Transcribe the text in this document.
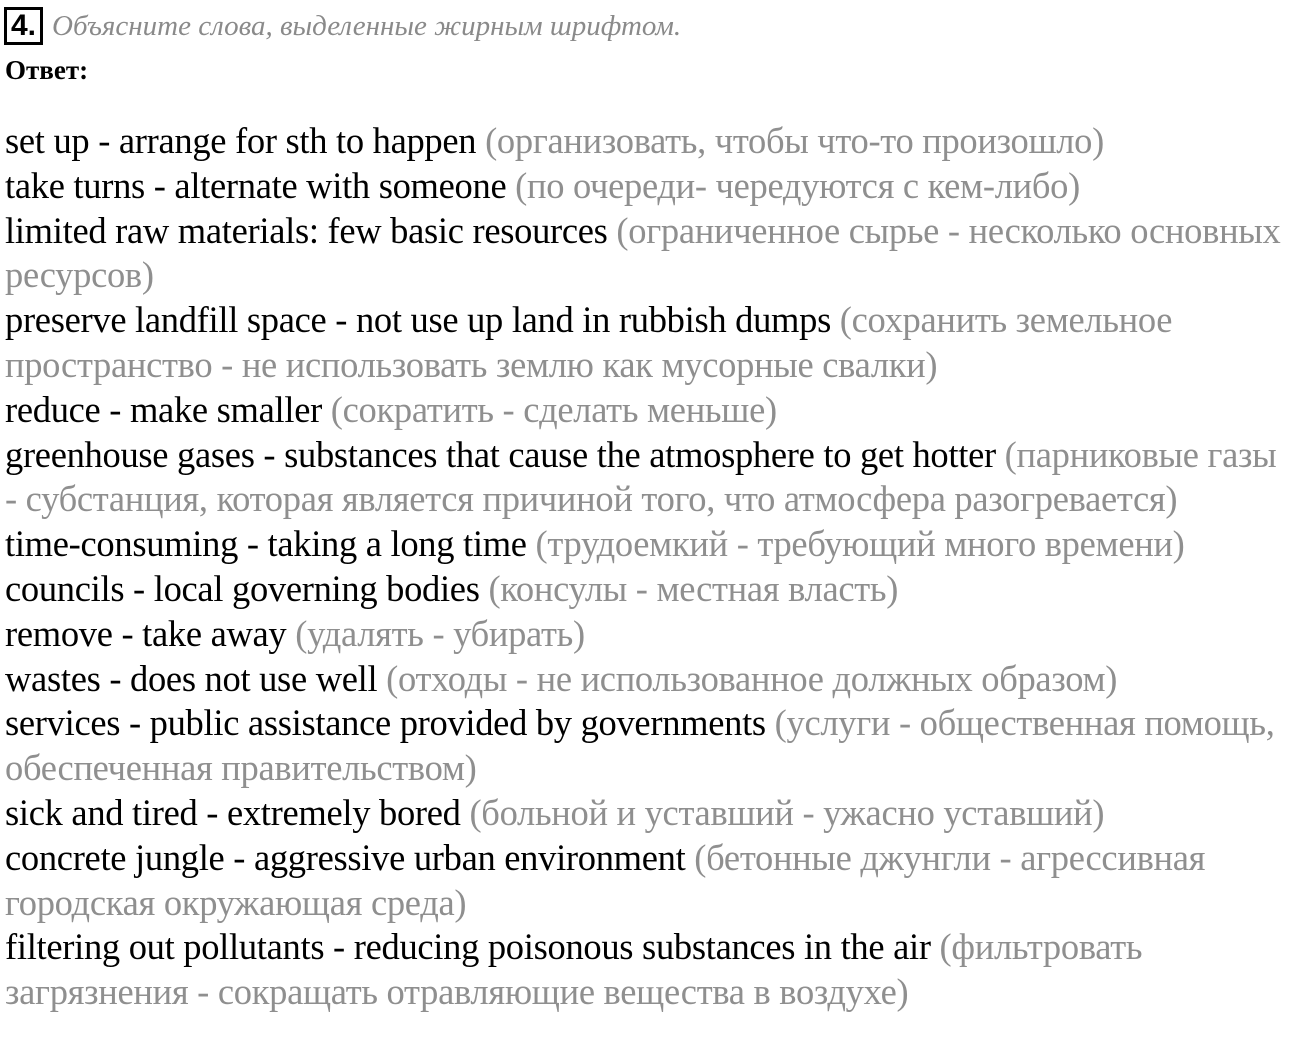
4. Объясните слова, выделенные жирным шрифтом.
Ответ:
set up - arrange for sth to happen (организовать, чтобы что-то произошло)
take turns - alternate with someone (по очереди- чередуются с кем-либо)
limited raw materials: few basic resources (ограниченное сырье - несколько основных ресурсов)
preserve landfill space - not use up land in rubbish dumps (сохранить земельное пространство - не использовать землю как мусорные свалки)
reduce - make smaller (сократить - сделать меньше)
greenhouse gases - substances that cause the atmosphere to get hotter (парниковые газы - субстанция, которая является причиной того, что атмосфера разогревается)
time-consuming - taking a long time (трудоемкий - требующий много времени)
councils - local governing bodies (консулы - местная власть)
remove - take away (удалять - убирать)
wastes - does not use well (отходы - не использованное должных образом)
services - public assistance provided by governments (услуги - общественная помощь, обеспеченная правительством)
sick and tired - extremely bored (больной и уставший - ужасно уставший)
concrete jungle - aggressive urban environment (бетонные джунгли - агрессивная городская окружающая среда)
filtering out pollutants - reducing poisonous substances in the air (фильтровать загрязнения - сокращать отравляющие вещества в воздухе)
